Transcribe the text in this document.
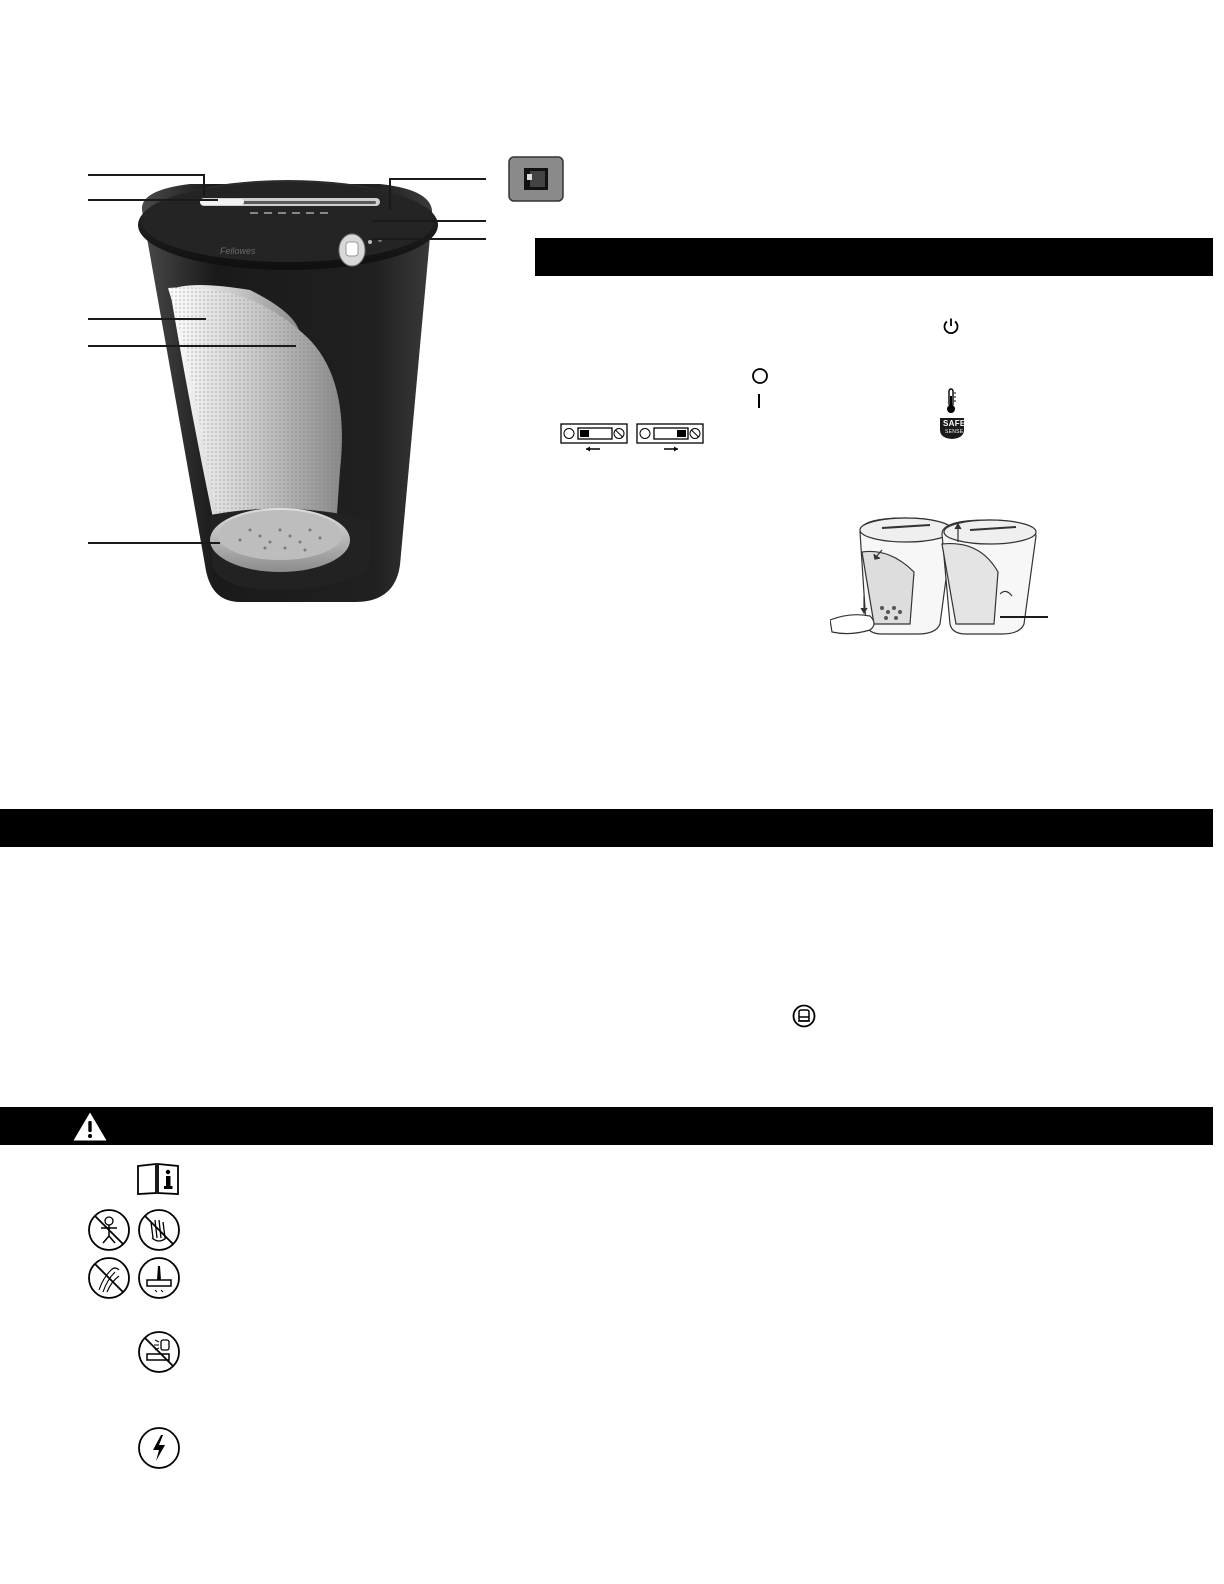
Fellowes
SAFE
SENSE
